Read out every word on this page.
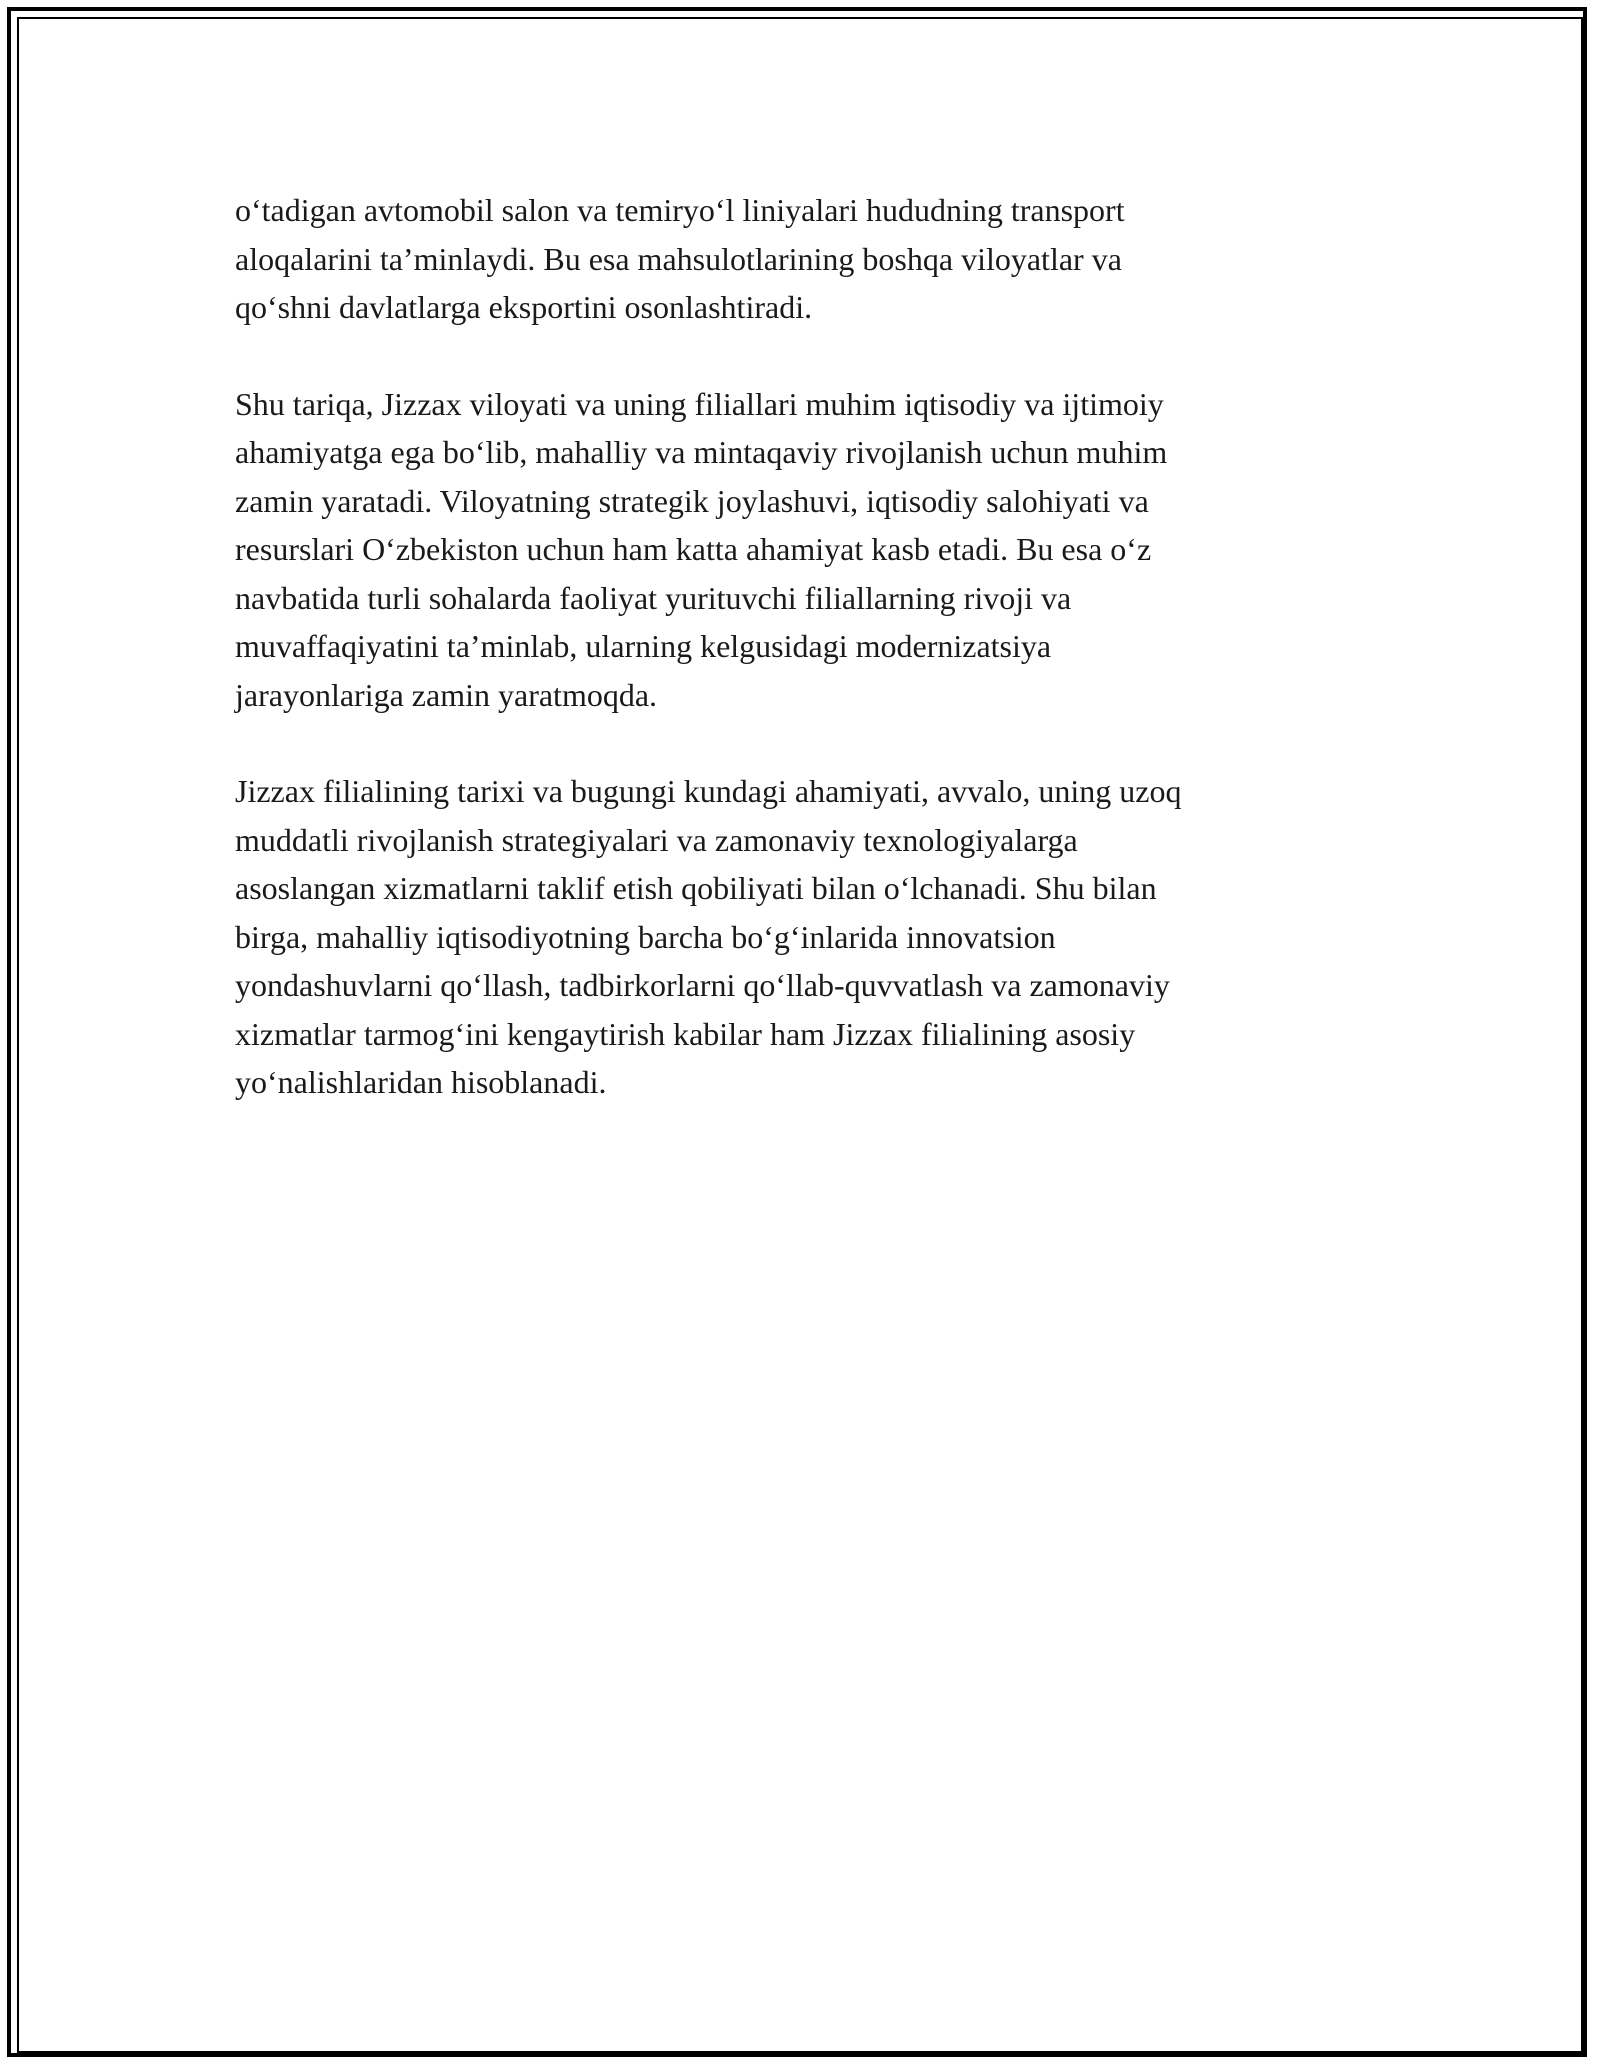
o‘tadigan avtomobil salon va temiryo‘l liniyalari hududning transport
aloqalarini ta’minlaydi. Bu esa mahsulotlarining boshqa viloyatlar va
qo‘shni davlatlarga eksportini osonlashtiradi.

Shu tariqa, Jizzax viloyati va uning filiallari muhim iqtisodiy va ijtimoiy
ahamiyatga ega bo‘lib, mahalliy va mintaqaviy rivojlanish uchun muhim
zamin yaratadi. Viloyatning strategik joylashuvi, iqtisodiy salohiyati va
resurslari O‘zbekiston uchun ham katta ahamiyat kasb etadi. Bu esa o‘z
navbatida turli sohalarda faoliyat yurituvchi filiallarning rivoji va
muvaffaqiyatini ta’minlab, ularning kelgusidagi modernizatsiya
jarayonlariga zamin yaratmoqda.

Jizzax filialining tarixi va bugungi kundagi ahamiyati, avvalo, uning uzoq
muddatli rivojlanish strategiyalari va zamonaviy texnologiyalarga
asoslangan xizmatlarni taklif etish qobiliyati bilan o‘lchanadi. Shu bilan
birga, mahalliy iqtisodiyotning barcha bo‘g‘inlarida innovatsion
yondashuvlarni qo‘llash, tadbirkorlarni qo‘llab-quvvatlash va zamonaviy
xizmatlar tarmog‘ini kengaytirish kabilar ham Jizzax filialining asosiy
yo‘nalishlaridan hisoblanadi.
